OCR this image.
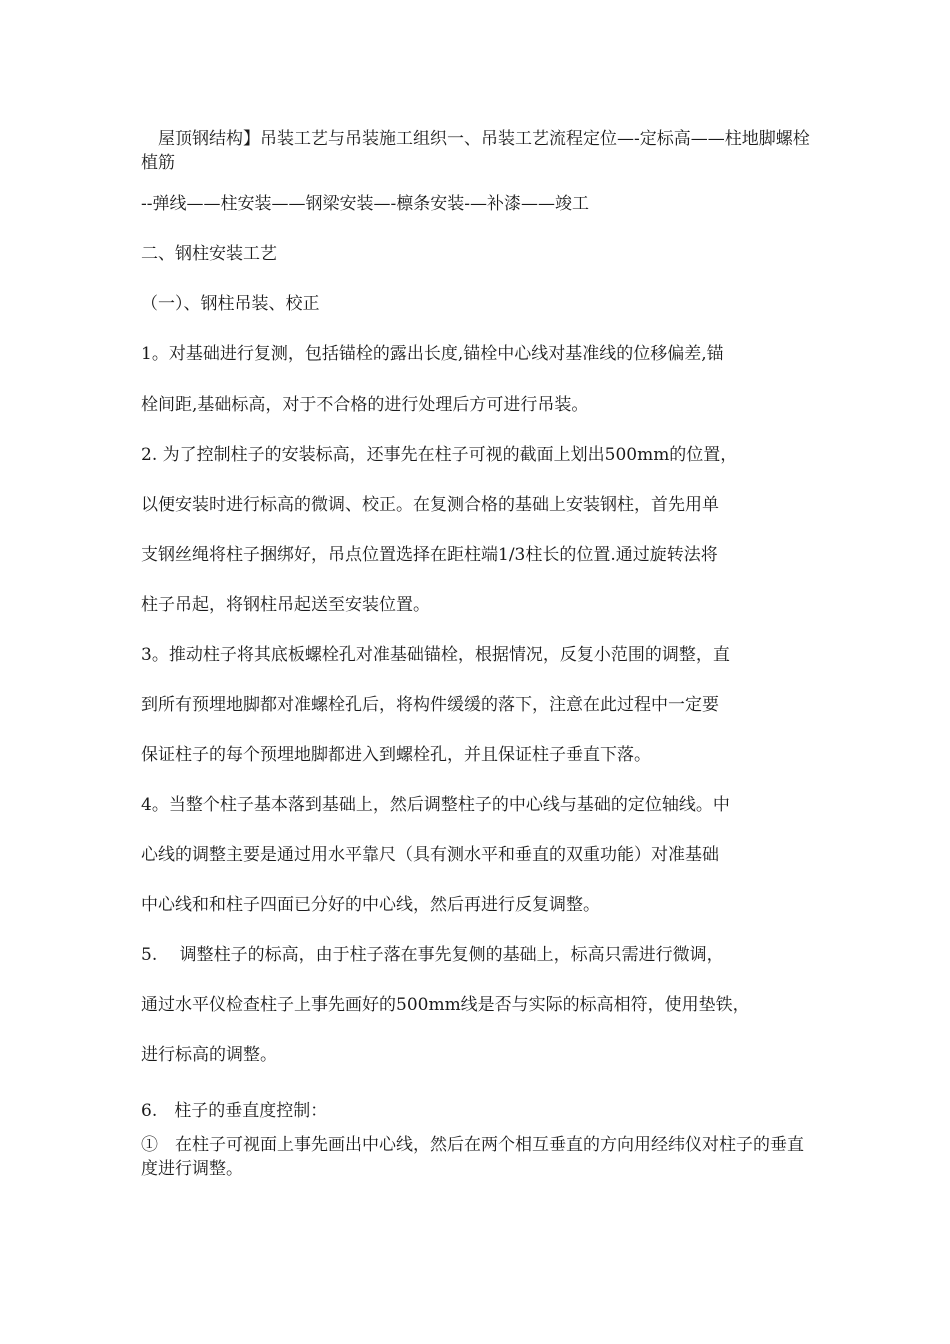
　屋顶钢结构】吊装工艺与吊装施工组织一、吊装工艺流程定位—-定标高——柱地脚螺栓植筋
--弹线——柱安装——钢梁安装—-檩条安装-—补漆——竣工
二、钢柱安装工艺
（一）、钢柱吊装、校正
1。对基础进行复测，包括锚栓的露出长度,锚栓中心线对基准线的位移偏差,锚
栓间距,基础标高，对于不合格的进行处理后方可进行吊装。
2. 为了控制柱子的安装标高，还事先在柱子可视的截面上划出500mm的位置，
以便安装时进行标高的微调、校正。在复测合格的基础上安装钢柱，首先用单
支钢丝绳将柱子捆绑好，吊点位置选择在距柱端1/3柱长的位置.通过旋转法将
柱子吊起，将钢柱吊起送至安装位置。
3。推动柱子将其底板螺栓孔对准基础锚栓，根据情况，反复小范围的调整，直
到所有预埋地脚都对准螺栓孔后，将构件缓缓的落下，注意在此过程中一定要
保证柱子的每个预埋地脚都进入到螺栓孔，并且保证柱子垂直下落。
4。当整个柱子基本落到基础上，然后调整柱子的中心线与基础的定位轴线。中
心线的调整主要是通过用水平靠尺（具有测水平和垂直的双重功能）对准基础
中心线和和柱子四面已分好的中心线，然后再进行反复调整。
5.　 调整柱子的标高，由于柱子落在事先复侧的基础上，标高只需进行微调，
通过水平仪检查柱子上事先画好的500mm线是否与实际的标高相符，使用垫铁，
进行标高的调整。
6.　柱子的垂直度控制：
①　在柱子可视面上事先画出中心线，然后在两个相互垂直的方向用经纬仪对柱子的垂直度进行调整。
